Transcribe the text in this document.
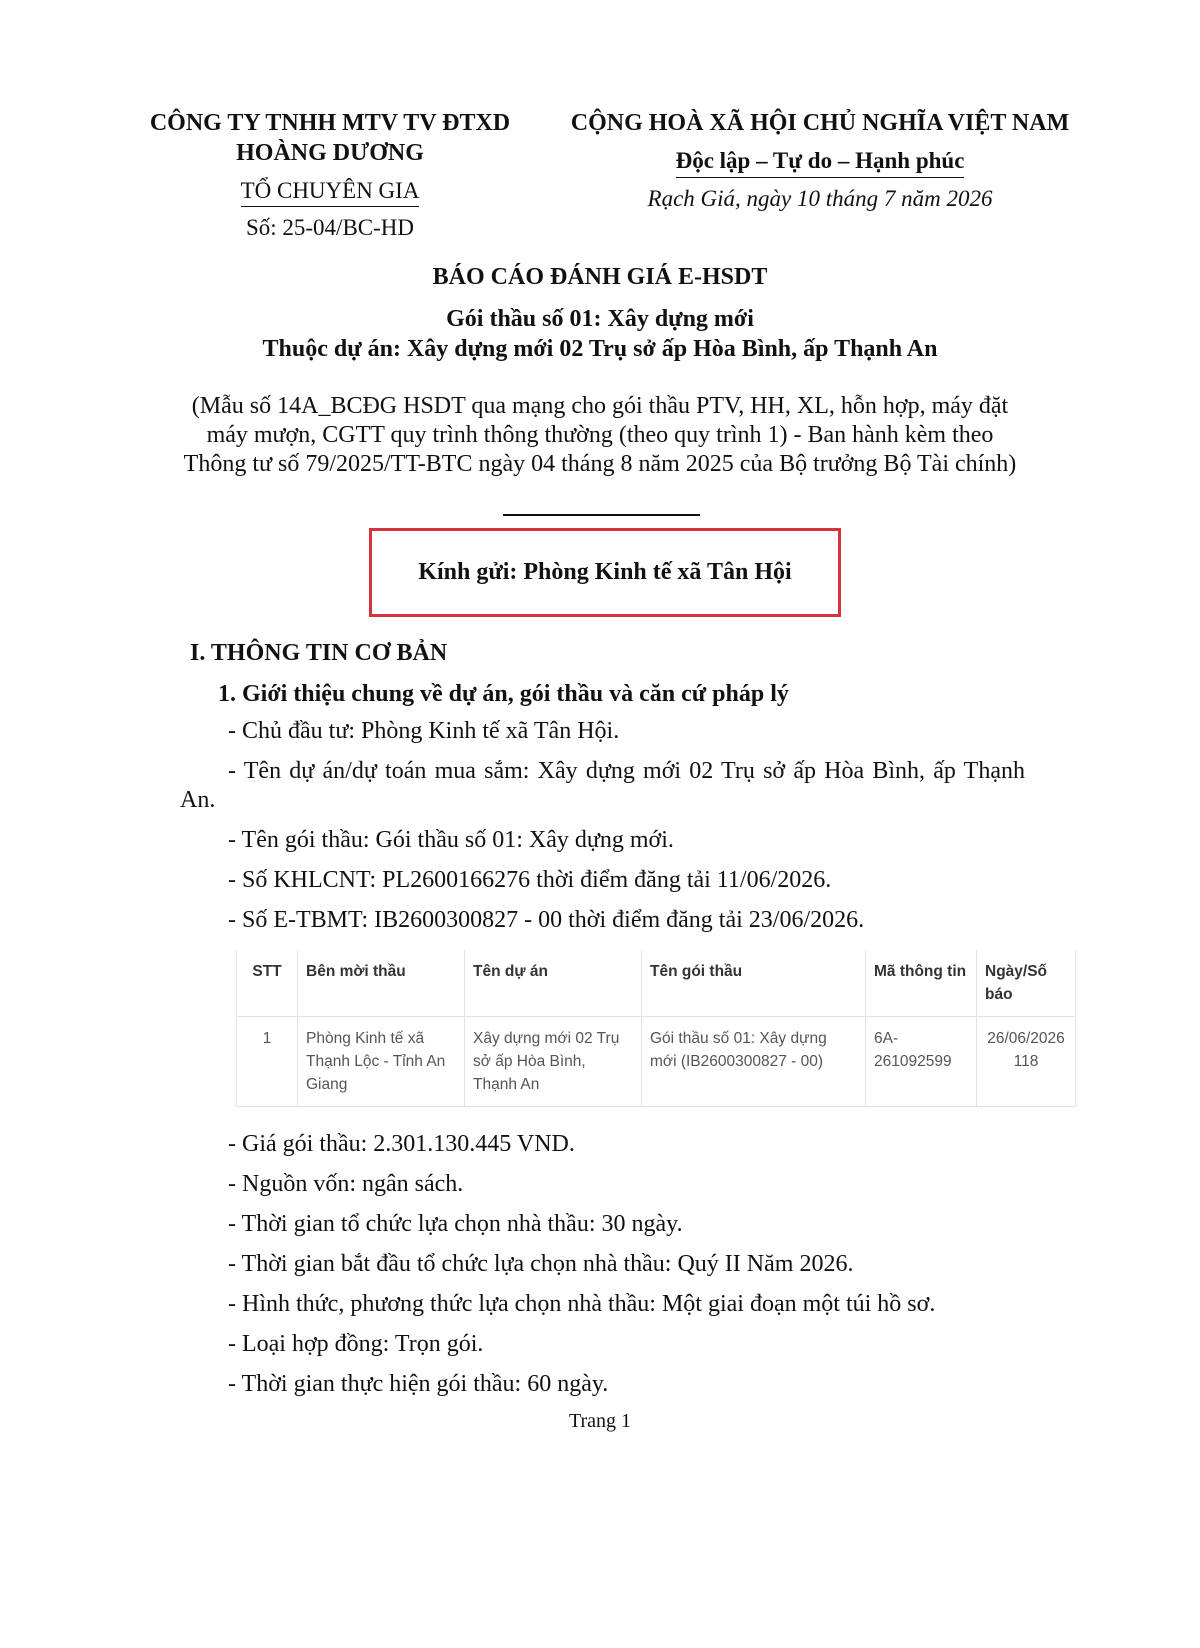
CÔNG TY TNHH MTV TV ĐTXD
HOÀNG DƯƠNG
TỔ CHUYÊN GIA
Số: 25-04/BC-HD
CỘNG HOÀ XÃ HỘI CHỦ NGHĨA VIỆT NAM
Độc lập – Tự do – Hạnh phúc
Rạch Giá, ngày 10 tháng 7 năm 2026
BÁO CÁO ĐÁNH GIÁ E-HSDT
Gói thầu số 01: Xây dựng mới
Thuộc dự án: Xây dựng mới 02 Trụ sở ấp Hòa Bình, ấp Thạnh An
(Mẫu số 14A_BCĐG HSDT qua mạng cho gói thầu PTV, HH, XL, hỗn hợp, máy đặt máy mượn, CGTT quy trình thông thường (theo quy trình 1) - Ban hành kèm theo Thông tư số 79/2025/TT-BTC ngày 04 tháng 8 năm 2025 của Bộ trưởng Bộ Tài chính)
Kính gửi: Phòng Kinh tế xã Tân Hội
I. THÔNG TIN CƠ BẢN
1. Giới thiệu chung về dự án, gói thầu và căn cứ pháp lý
- Chủ đầu tư: Phòng Kinh tế xã Tân Hội.
- Tên dự án/dự toán mua sắm: Xây dựng mới 02 Trụ sở ấp Hòa Bình, ấp Thạnh An.
- Tên gói thầu: Gói thầu số 01: Xây dựng mới.
- Số KHLCNT: PL2600166276 thời điểm đăng tải 11/06/2026.
- Số E-TBMT: IB2600300827 - 00 thời điểm đăng tải 23/06/2026.
STT	Bên mời thầu	Tên dự án	Tên gói thầu	Mã thông tin	Ngày/Số báo
1	Phòng Kinh tế xã Thạnh Lộc - Tỉnh An Giang	Xây dựng mới 02 Trụ sở ấp Hòa Bình, Thạnh An	Gói thầu số 01: Xây dựng mới (IB2600300827 - 00)	6A-261092599	26/06/2026 118
- Giá gói thầu: 2.301.130.445 VND.
- Nguồn vốn: ngân sách.
- Thời gian tổ chức lựa chọn nhà thầu: 30 ngày.
- Thời gian bắt đầu tổ chức lựa chọn nhà thầu: Quý II Năm 2026.
- Hình thức, phương thức lựa chọn nhà thầu: Một giai đoạn một túi hồ sơ.
- Loại hợp đồng: Trọn gói.
- Thời gian thực hiện gói thầu: 60 ngày.
Trang 1
